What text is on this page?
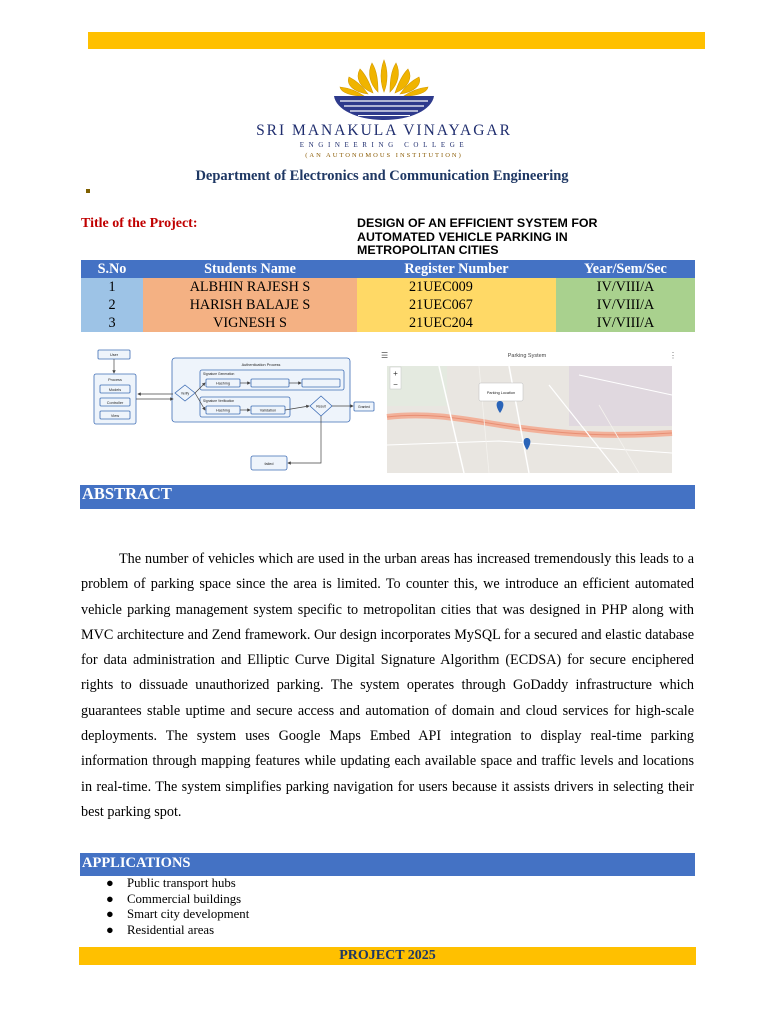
SRI MANAKULA VINAYAGAR
ENGINEERING COLLEGE
(AN AUTONOMOUS INSTITUTION)
Department of Electronics and Communication Engineering
Title of the Project:	DESIGN OF AN EFFICIENT SYSTEM FOR
AUTOMATED VEHICLE PARKING IN
METROPOLITAN CITIES
S.No	Students Name	Register Number	Year/Sem/Sec
1	ALBHIN RAJESH S	21UEC009	IV/VIII/A
2	HARISH BALAJE S	21UEC067	IV/VIII/A
3	VIGNESH S	21UEC204	IV/VIII/A
User
Process
Models
Controller
View
Authentication Process
Verify
Hashing
Hashing	Validation
Result	Granted
failed
Signature Generation
Signature Verification
☰	Parking System	⋮
+
−
Parking Location
ABSTRACT
The number of vehicles which are used in the urban areas has increased tremendously this leads to a problem of parking space since the area is limited. To counter this, we introduce an efficient automated vehicle parking management system specific to metropolitan cities that was designed in PHP along with MVC architecture and Zend framework. Our design incorporates MySQL for a secured and elastic database for data administration and Elliptic Curve Digital Signature Algorithm (ECDSA) for secure enciphered rights to dissuade unauthorized parking. The system operates through GoDaddy infrastructure which guarantees stable uptime and secure access and automation of domain and cloud services for high-scale deployments. The system uses Google Maps Embed API integration to display real-time parking information through mapping features while updating each available space and traffic levels and locations in real-time. The system simplifies parking navigation for users because it assists drivers in selecting their best parking spot.
APPLICATIONS
● Public transport hubs
● Commercial buildings
● Smart city development
● Residential areas
PROJECT 2025
